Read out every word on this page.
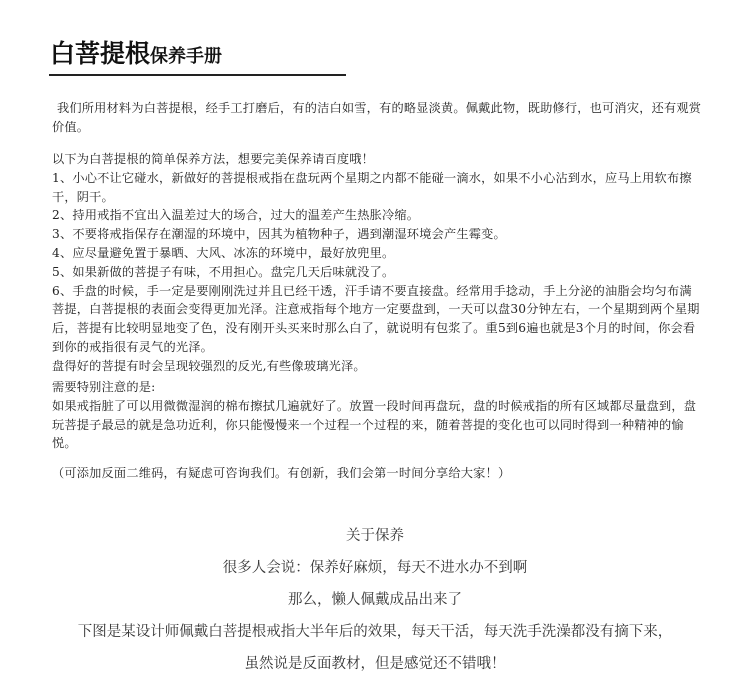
白菩提根保养手册

我们所用材料为白菩提根，经手工打磨后，有的洁白如雪，有的略显淡黄。佩戴此物，既助修行，也可消灾，还有观赏价值。

以下为白菩提根的简单保养方法，想要完美保养请百度哦！

1、小心不让它碰水，新做好的菩提根戒指在盘玩两个星期之内都不能碰一滴水，如果不小心沾到水，应马上用软布擦干，阴干。

2、持用戒指不宜出入温差过大的场合，过大的温差产生热胀冷缩。

3、不要将戒指保存在潮湿的环境中，因其为植物种子，遇到潮湿环境会产生霉变。

4、应尽量避免置于暴晒、大风、冰冻的环境中，最好放兜里。

5、如果新做的菩提子有味，不用担心。盘完几天后味就没了。

6、手盘的时候，手一定是要刚刚洗过并且已经干透，汗手请不要直接盘。经常用手捻动，手上分泌的油脂会均匀布满菩提，白菩提根的表面会变得更加光泽。注意戒指每个地方一定要盘到，一天可以盘30分钟左右，一个星期到两个星期后，菩提有比较明显地变了色，没有刚开头买来时那么白了，就说明有包浆了。重5到6遍也就是3个月的时间，你会看到你的戒指很有灵气的光泽。

盘得好的菩提有时会呈现较强烈的反光,有些像玻璃光泽。

需要特别注意的是:

如果戒指脏了可以用微微湿润的棉布擦拭几遍就好了。放置一段时间再盘玩，盘的时候戒指的所有区域都尽量盘到，盘玩菩提子最忌的就是急功近利，你只能慢慢来一个过程一个过程的来，随着菩提的变化也可以同时得到一种精神的愉悦。

（可添加反面二维码，有疑虑可咨询我们。有创新，我们会第一时间分享给大家！）
关于保养
很多人会说：保养好麻烦，每天不进水办不到啊
那么，懒人佩戴成品出来了
下图是某设计师佩戴白菩提根戒指大半年后的效果，每天干活，每天洗手洗澡都没有摘下来，
虽然说是反面教材，但是感觉还不错哦！
